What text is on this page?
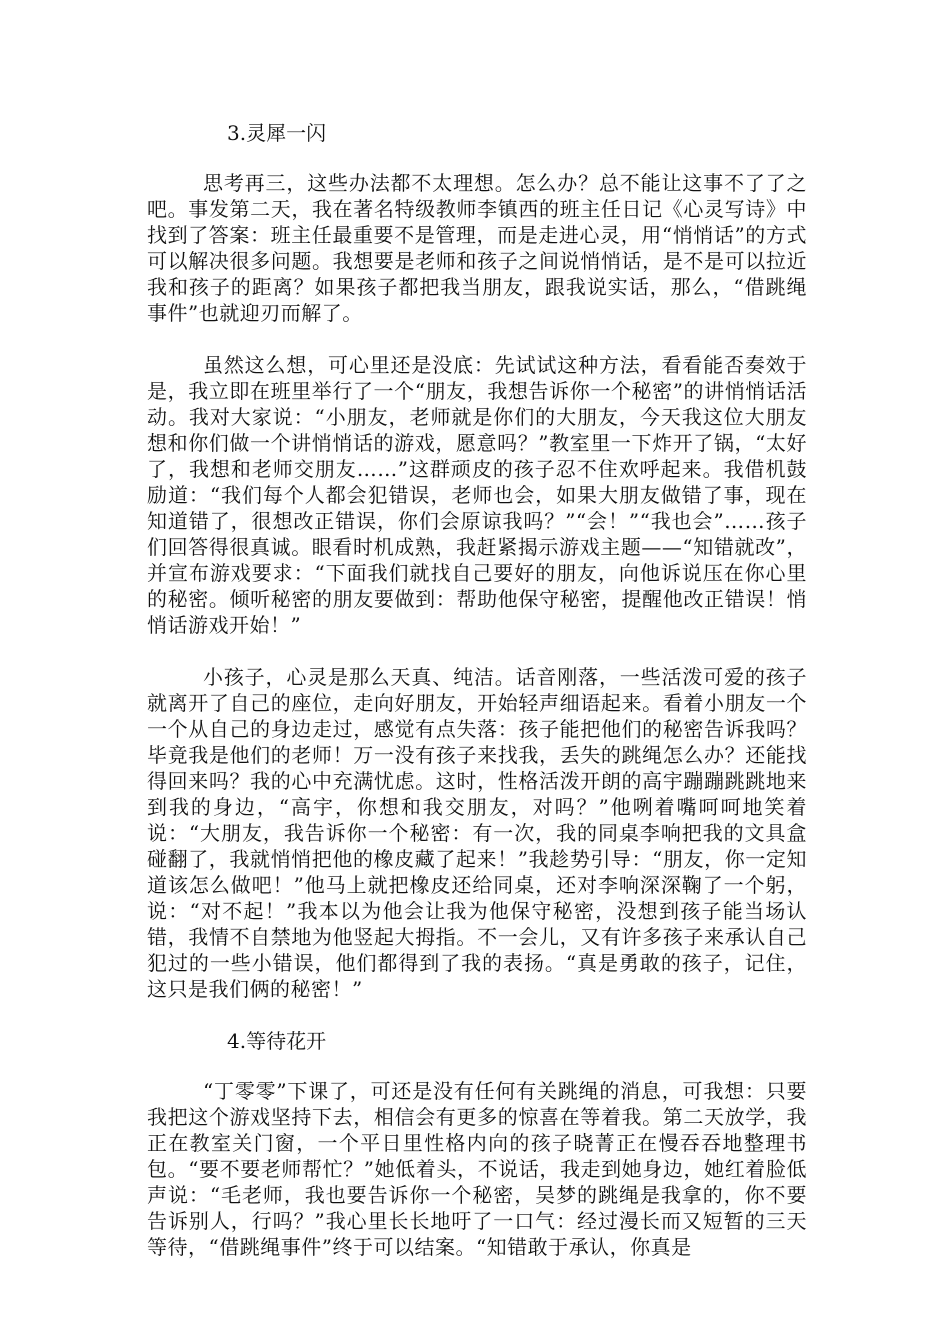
3.灵犀一闪

思考再三，这些办法都不太理想。怎么办？总不能让这事不了了之吧。事发第二天，我在著名特级教师李镇西的班主任日记《心灵写诗》中找到了答案：班主任最重要不是管理，而是走进心灵，用“悄悄话”的方式可以解决很多问题。我想要是老师和孩子之间说悄悄话，是不是可以拉近我和孩子的距离？如果孩子都把我当朋友，跟我说实话，那么，“借跳绳事件”也就迎刃而解了。

虽然这么想，可心里还是没底：先试试这种方法，看看能否奏效于是，我立即在班里举行了一个“朋友，我想告诉你一个秘密”的讲悄悄话活动。我对大家说：“小朋友，老师就是你们的大朋友，今天我这位大朋友想和你们做一个讲悄悄话的游戏，愿意吗？”教室里一下炸开了锅，“太好了，我想和老师交朋友……”这群顽皮的孩子忍不住欢呼起来。我借机鼓励道：“我们每个人都会犯错误，老师也会，如果大朋友做错了事，现在知道错了，很想改正错误，你们会原谅我吗？”“会！”“我也会”……孩子们回答得很真诚。眼看时机成熟，我赶紧揭示游戏主题——“知错就改”，并宣布游戏要求：“下面我们就找自己要好的朋友，向他诉说压在你心里的秘密。倾听秘密的朋友要做到：帮助他保守秘密，提醒他改正错误！悄悄话游戏开始！”

小孩子，心灵是那么天真、纯洁。话音刚落，一些活泼可爱的孩子就离开了自己的座位，走向好朋友，开始轻声细语起来。看着小朋友一个一个从自己的身边走过，感觉有点失落：孩子能把他们的秘密告诉我吗？毕竟我是他们的老师！万一没有孩子来找我，丢失的跳绳怎么办？还能找得回来吗？我的心中充满忧虑。这时，性格活泼开朗的高宇蹦蹦跳跳地来到我的身边，“高宇，你想和我交朋友，对吗？”他咧着嘴呵呵地笑着说：“大朋友，我告诉你一个秘密：有一次，我的同桌李响把我的文具盒碰翻了，我就悄悄把他的橡皮藏了起来！”我趁势引导：“朋友，你一定知道该怎么做吧！”他马上就把橡皮还给同桌，还对李响深深鞠了一个躬，说：“对不起！”我本以为他会让我为他保守秘密，没想到孩子能当场认错，我情不自禁地为他竖起大拇指。不一会儿，又有许多孩子来承认自己犯过的一些小错误，他们都得到了我的表扬。“真是勇敢的孩子，记住，这只是我们俩的秘密！”

4.等待花开

“丁零零”下课了，可还是没有任何有关跳绳的消息，可我想：只要我把这个游戏坚持下去，相信会有更多的惊喜在等着我。第二天放学，我正在教室关门窗，一个平日里性格内向的孩子晓菁正在慢吞吞地整理书包。“要不要老师帮忙？”她低着头，不说话，我走到她身边，她红着脸低声说：“毛老师，我也要告诉你一个秘密，吴梦的跳绳是我拿的，你不要告诉别人，行吗？”我心里长长地吁了一口气：经过漫长而又短暂的三天等待，“借跳绳事件”终于可以结案。“知错敢于承认，你真是
